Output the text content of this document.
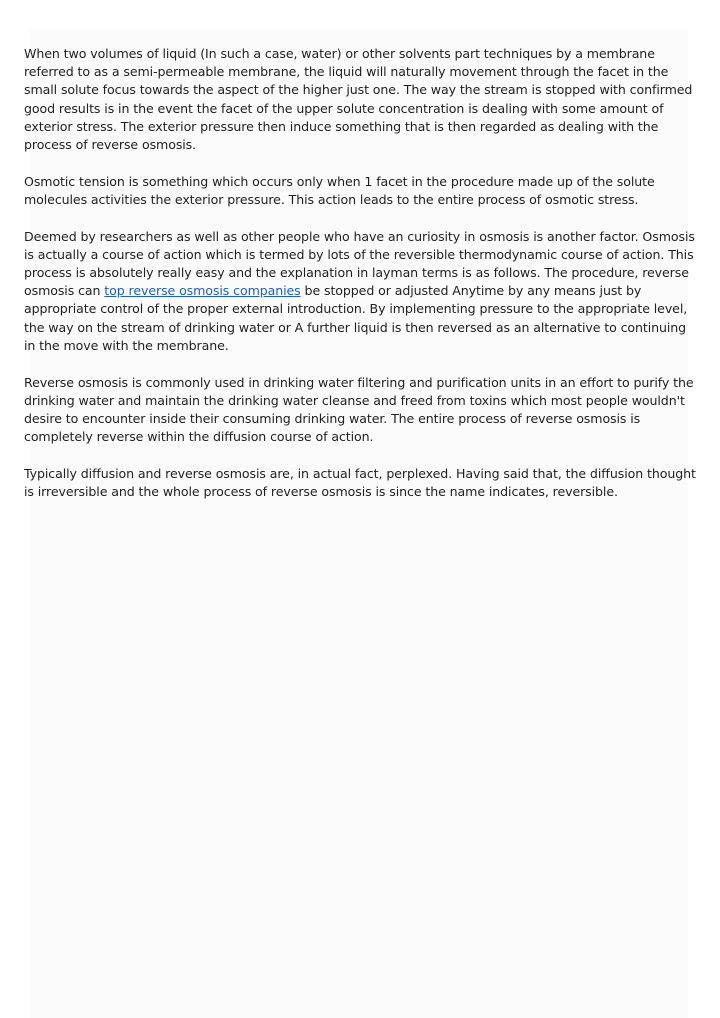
When two volumes of liquid (In such a case, water) or other solvents part techniques by a membrane referred to as a semi-permeable membrane, the liquid will naturally movement through the facet in the small solute focus towards the aspect of the higher just one. The way the stream is stopped with confirmed good results is in the event the facet of the upper solute concentration is dealing with some amount of exterior stress. The exterior pressure then induce something that is then regarded as dealing with the process of reverse osmosis.

Osmotic tension is something which occurs only when 1 facet in the procedure made up of the solute molecules activities the exterior pressure. This action leads to the entire process of osmotic stress.

Deemed by researchers as well as other people who have an curiosity in osmosis is another factor. Osmosis is actually a course of action which is termed by lots of the reversible thermodynamic course of action. This process is absolutely really easy and the explanation in layman terms is as follows. The procedure, reverse osmosis can top reverse osmosis companies be stopped or adjusted Anytime by any means just by appropriate control of the proper external introduction. By implementing pressure to the appropriate level, the way on the stream of drinking water or A further liquid is then reversed as an alternative to continuing in the move with the membrane.

Reverse osmosis is commonly used in drinking water filtering and purification units in an effort to purify the drinking water and maintain the drinking water cleanse and freed from toxins which most people wouldn't desire to encounter inside their consuming drinking water. The entire process of reverse osmosis is completely reverse within the diffusion course of action.

Typically diffusion and reverse osmosis are, in actual fact, perplexed. Having said that, the diffusion thought is irreversible and the whole process of reverse osmosis is since the name indicates, reversible.
